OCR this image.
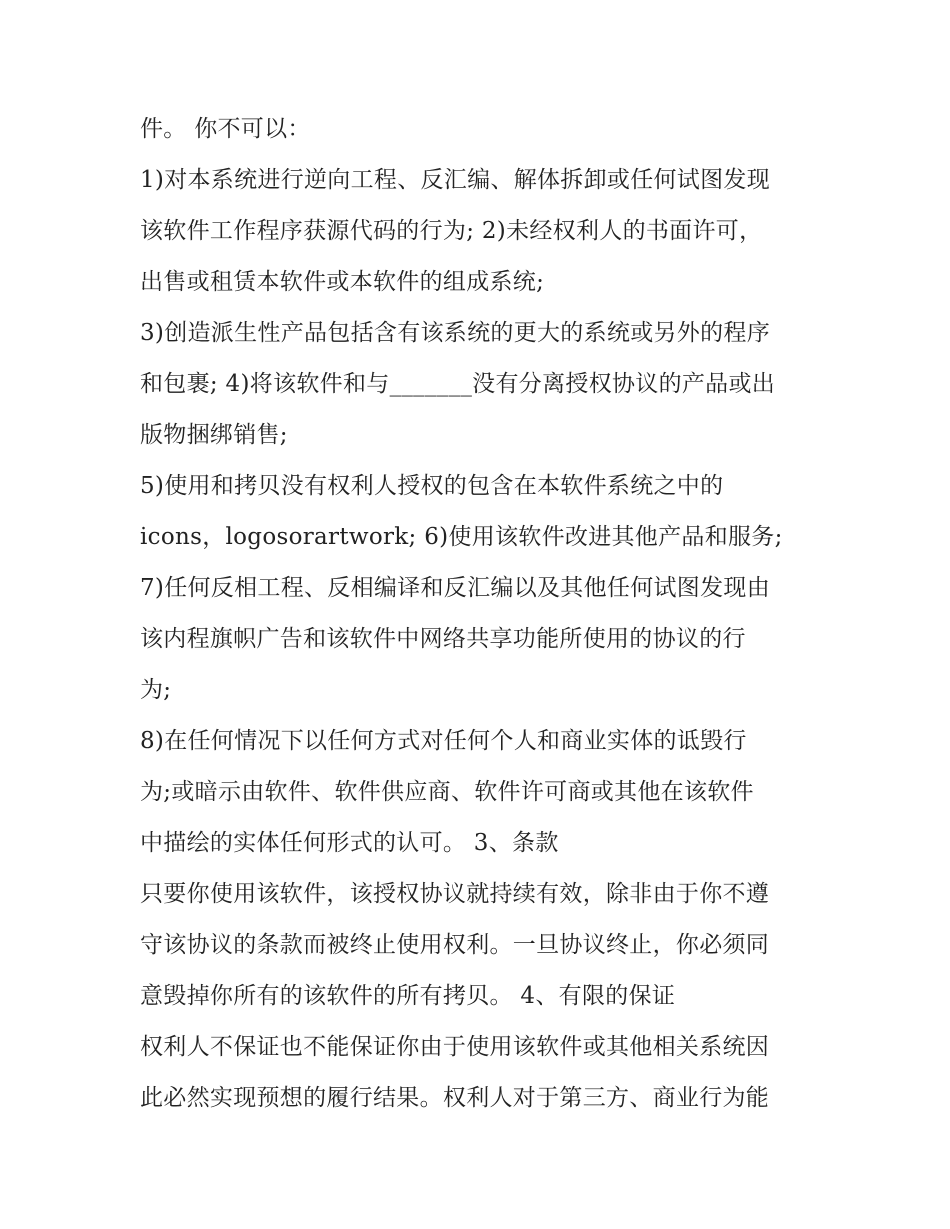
件。 你不可以：
1)对本系统进行逆向工程、反汇编、解体拆卸或任何试图发现
该软件工作程序获源代码的行为; 2)未经权利人的书面许可，
出售或租赁本软件或本软件的组成系统;
3)创造派生性产品包括含有该系统的更大的系统或另外的程序
和包裹; 4)将该软件和与_______没有分离授权协议的产品或出
版物捆绑销售;
5)使用和拷贝没有权利人授权的包含在本软件系统之中的
icons，logosorartwork; 6)使用该软件改进其他产品和服务;
7)任何反相工程、反相编译和反汇编以及其他任何试图发现由
该内程旗帜广告和该软件中网络共享功能所使用的协议的行
为;
8)在任何情况下以任何方式对任何个人和商业实体的诋毁行
为;或暗示由软件、软件供应商、软件许可商或其他在该软件
中描绘的实体任何形式的认可。 3、条款
只要你使用该软件，该授权协议就持续有效，除非由于你不遵
守该协议的条款而被终止使用权利。一旦协议终止，你必须同
意毁掉你所有的该软件的所有拷贝。 4、有限的保证
权利人不保证也不能保证你由于使用该软件或其他相关系统因
此必然实现预想的履行结果。权利人对于第三方、商业行为能
